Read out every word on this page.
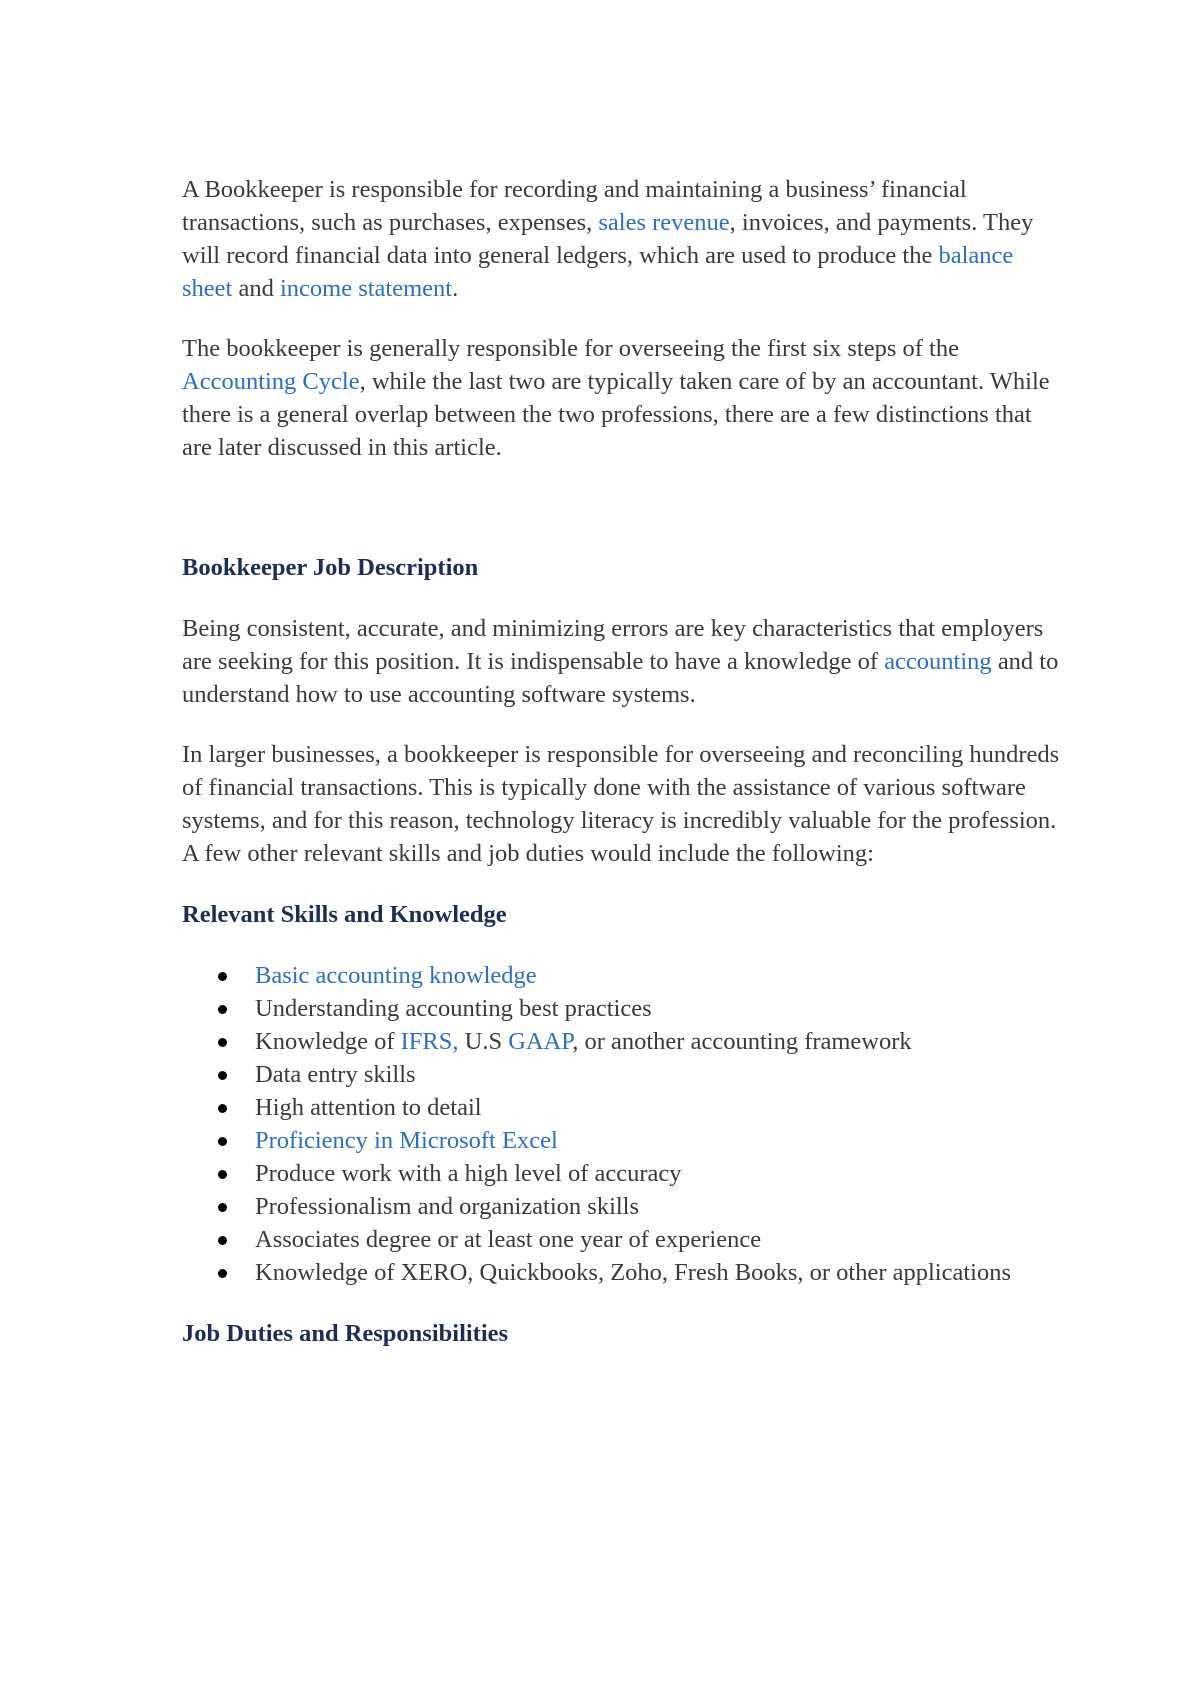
A Bookkeeper is responsible for recording and maintaining a business’ financial transactions, such as purchases, expenses, sales revenue, invoices, and payments. They will record financial data into general ledgers, which are used to produce the balance sheet and income statement.

The bookkeeper is generally responsible for overseeing the first six steps of the Accounting Cycle, while the last two are typically taken care of by an accountant. While there is a general overlap between the two professions, there are a few distinctions that are later discussed in this article.

Bookkeeper Job Description

Being consistent, accurate, and minimizing errors are key characteristics that employers are seeking for this position. It is indispensable to have a knowledge of accounting and to understand how to use accounting software systems.

In larger businesses, a bookkeeper is responsible for overseeing and reconciling hundreds of financial transactions. This is typically done with the assistance of various software systems, and for this reason, technology literacy is incredibly valuable for the profession. A few other relevant skills and job duties would include the following:

Relevant Skills and Knowledge
Basic accounting knowledge
Understanding accounting best practices
Knowledge of IFRS, U.S GAAP, or another accounting framework
Data entry skills
High attention to detail
Proficiency in Microsoft Excel
Produce work with a high level of accuracy
Professionalism and organization skills
Associates degree or at least one year of experience
Knowledge of XERO, Quickbooks, Zoho, Fresh Books, or other applications
Job Duties and Responsibilities
